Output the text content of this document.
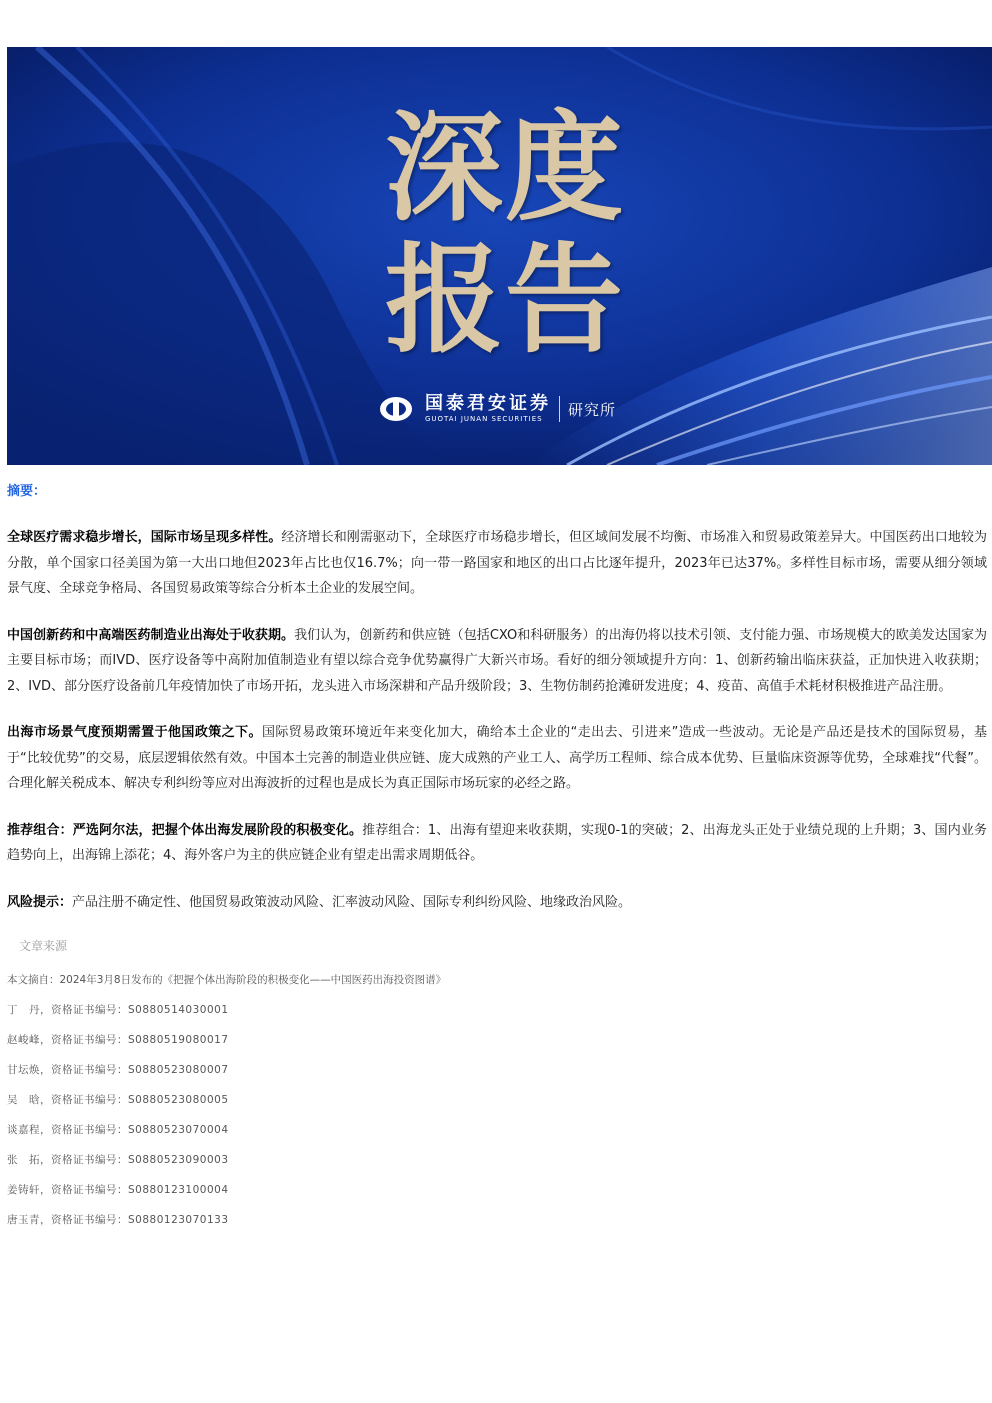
深度
报告
国泰君安证券
GUOTAI JUNAN SECURITIES
研究所
摘要：

全球医疗需求稳步增长，国际市场呈现多样性。经济增长和刚需驱动下，全球医疗市场稳步增长，但区域间发展不均衡、市场准入和贸易政策差异大。中国医药出口地较为分散，单个国家口径美国为第一大出口地但2023年占比也仅16.7%；向一带一路国家和地区的出口占比逐年提升，2023年已达37%。多样性目标市场，需要从细分领域景气度、全球竞争格局、各国贸易政策等综合分析本土企业的发展空间。

中国创新药和中高端医药制造业出海处于收获期。我们认为，创新药和供应链（包括CXO和科研服务）的出海仍将以技术引领、支付能力强、市场规模大的欧美发达国家为主要目标市场；而IVD、医疗设备等中高附加值制造业有望以综合竞争优势赢得广大新兴市场。看好的细分领域提升方向：1、创新药输出临床获益，正加快进入收获期；2、IVD、部分医疗设备前几年疫情加快了市场开拓，龙头进入市场深耕和产品升级阶段；3、生物仿制药抢滩研发进度；4、疫苗、高值手术耗材积极推进产品注册。

出海市场景气度预期需置于他国政策之下。国际贸易政策环境近年来变化加大，确给本土企业的“走出去、引进来”造成一些波动。无论是产品还是技术的国际贸易，基于“比较优势”的交易，底层逻辑依然有效。中国本土完善的制造业供应链、庞大成熟的产业工人、高学历工程师、综合成本优势、巨量临床资源等优势，全球难找“代餐”。合理化解关税成本、解决专利纠纷等应对出海波折的过程也是成长为真正国际市场玩家的必经之路。

推荐组合：严选阿尔法，把握个体出海发展阶段的积极变化。推荐组合：1、出海有望迎来收获期，实现0-1的突破；2、出海龙头正处于业绩兑现的上升期；3、国内业务趋势向上，出海锦上添花；4、海外客户为主的供应链企业有望走出需求周期低谷。

风险提示：产品注册不确定性、他国贸易政策波动风险、汇率波动风险、国际专利纠纷风险、地缘政治风险。

文章来源
本文摘自：2024年3月8日发布的《把握个体出海阶段的积极变化——中国医药出海投资图谱》
丁　丹，资格证书编号：S0880514030001
赵峻峰，资格证书编号：S0880519080017
甘坛焕，资格证书编号：S0880523080007
吴　晗，资格证书编号：S0880523080005
谈嘉程，资格证书编号：S0880523070004
张　拓，资格证书编号：S0880523090003
姜铸轩，资格证书编号：S0880123100004
唐玉青，资格证书编号：S0880123070133
